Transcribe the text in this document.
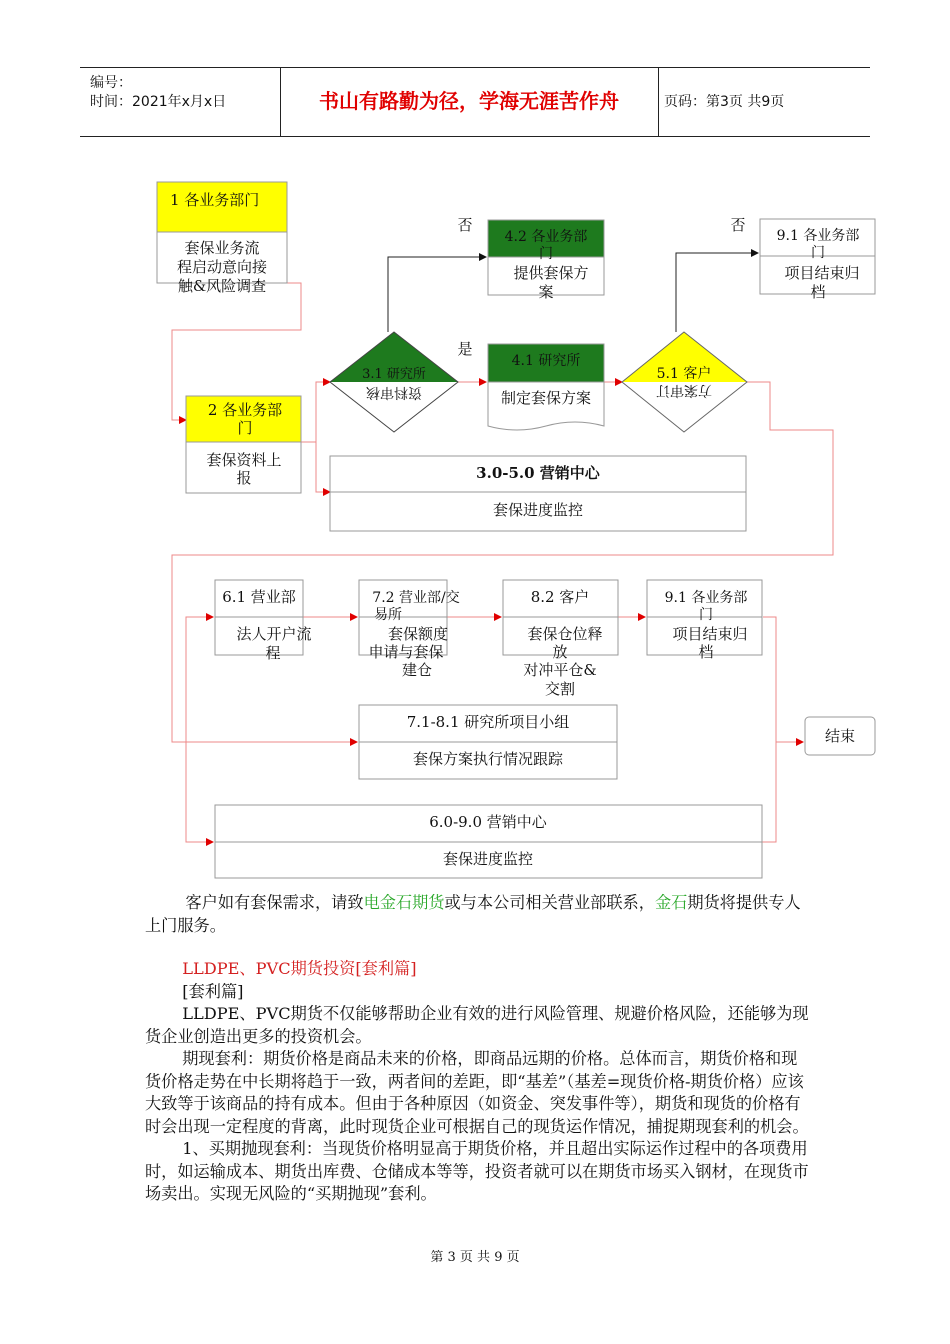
编号：
时间：2021年x月x日	书山有路勤为径，学海无涯苦作舟	页码：第3页 共9页
1 各业务部门
套保业务流
程启动意向接
触&风险调查
2 各业务部
门
套保资料上
报
3.1 研究所
资料审核
否
是
否
4.2 各业务部
门
提供套保方
案
4.1 研究所
制定套保方案
5.1 客户
方案审订
9.1 各业务部
门
项目结束归
档
3.0-5.0 营销中心
套保进度监控
6.1 营业部
法人开户流
程
7.2 营业部/交
易所
套保额度
申请与套保
建仓
8.2 客户
套保仓位释
放
对冲平仓&
交割
9.1 各业务部
门
项目结束归
档
7.1-8.1 研究所项目小组
套保方案执行情况跟踪
结束
6.0-9.0 营销中心
套保进度监控

客户如有套保需求，请致电金石期货或与本公司相关营业部联系，金石期货将提供专人上门服务。

LLDPE、PVC期货投资[套利篇]

[套利篇]

LLDPE、PVC期货不仅能够帮助企业有效的进行风险管理、规避价格风险，还能够为现货企业创造出更多的投资机会。

期现套利：期货价格是商品未来的价格，即商品远期的价格。总体而言，期货价格和现货价格走势在中长期将趋于一致，两者间的差距，即“基差”（基差=现货价格-期货价格）应该大致等于该商品的持有成本。但由于各种原因（如资金、突发事件等），期货和现货的价格有时会出现一定程度的背离，此时现货企业可根据自己的现货运作情况，捕捉期现套利的机会。

1、买期抛现套利：当现货价格明显高于期货价格，并且超出实际运作过程中的各项费用时，如运输成本、期货出库费、仓储成本等等，投资者就可以在期货市场买入钢材，在现货市场卖出。实现无风险的“买期抛现”套利。

第 3 页 共 9 页
